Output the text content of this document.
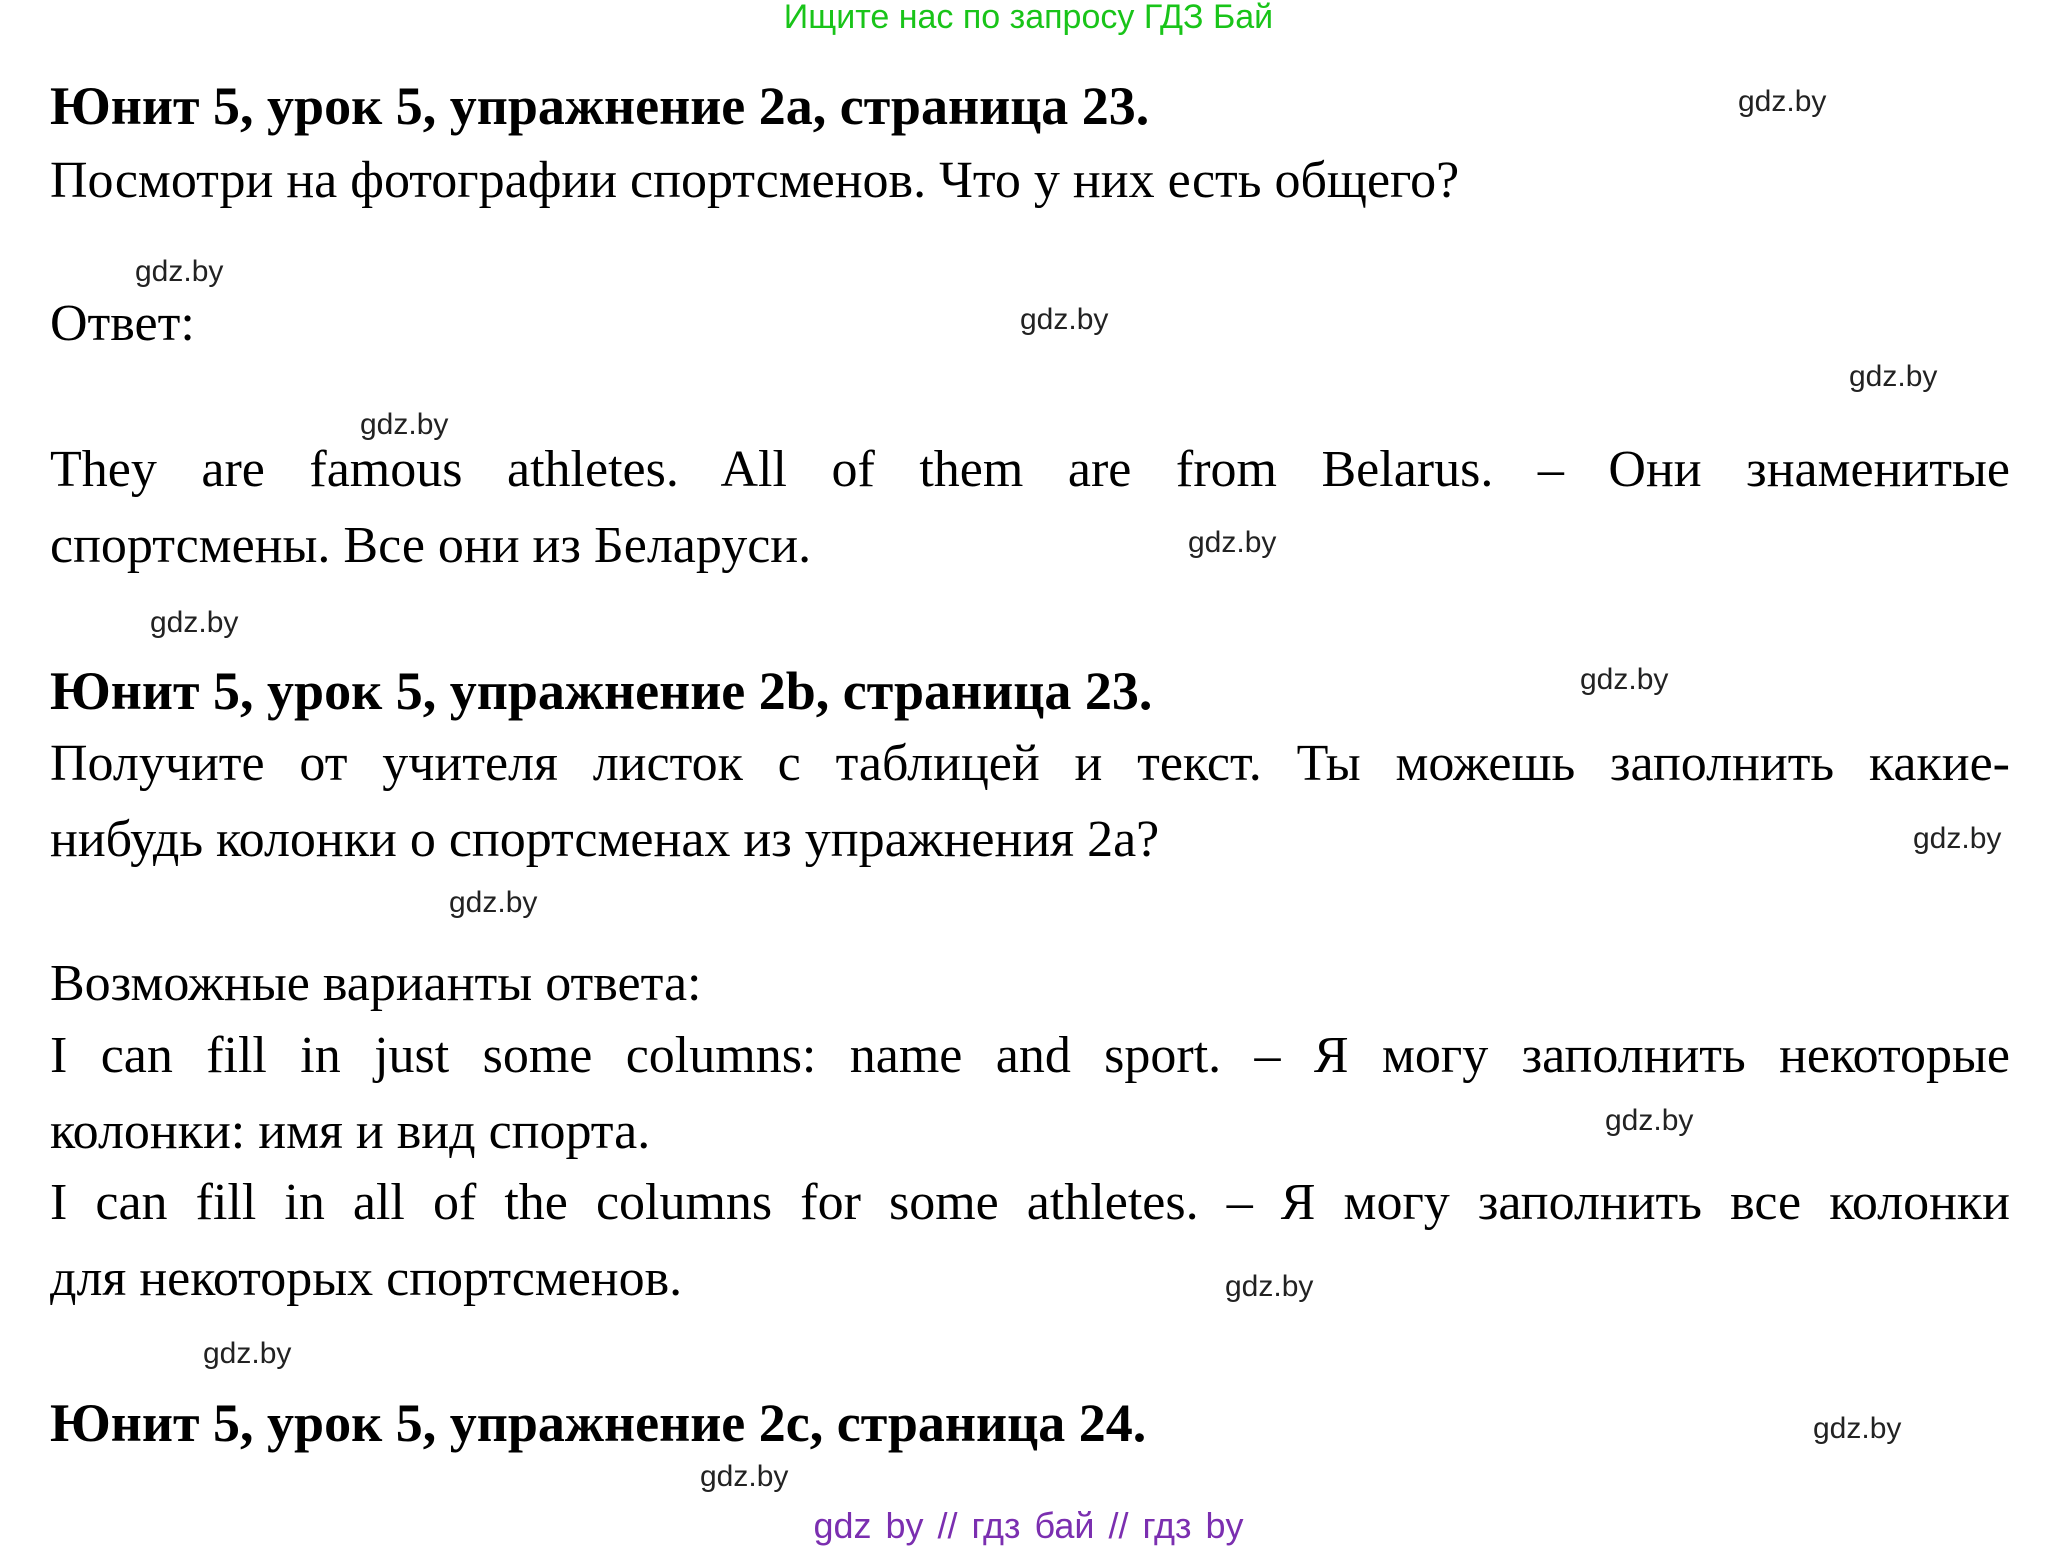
Ищите нас по запросу ГДЗ Бай
Юнит 5, урок 5, упражнение 2a, страница 23.
Посмотри на фотографии спортсменов. Что у них есть общего?
Ответ:
They are famous athletes. All of them are from Belarus. – Они знаменитые
спортсмены. Все они из Беларуси.
Юнит 5, урок 5, упражнение 2b, страница 23.
Получите от учителя листок с таблицей и текст. Ты можешь заполнить какие-
нибудь колонки о спортсменах из упражнения 2a?
Возможные варианты ответа:
I can fill in just some columns: name and sport. – Я могу заполнить некоторые
колонки: имя и вид спорта.
I can fill in all of the columns for some athletes. – Я могу заполнить все колонки
для некоторых спортсменов.
Юнит 5, урок 5, упражнение 2c, страница 24.
gdz.by
gdz.by
gdz.by
gdz.by
gdz.by
gdz.by
gdz.by
gdz.by
gdz.by
gdz.by
gdz.by
gdz.by
gdz.by
gdz.by
gdz.by
gdz by // гдз бай // гдз by
